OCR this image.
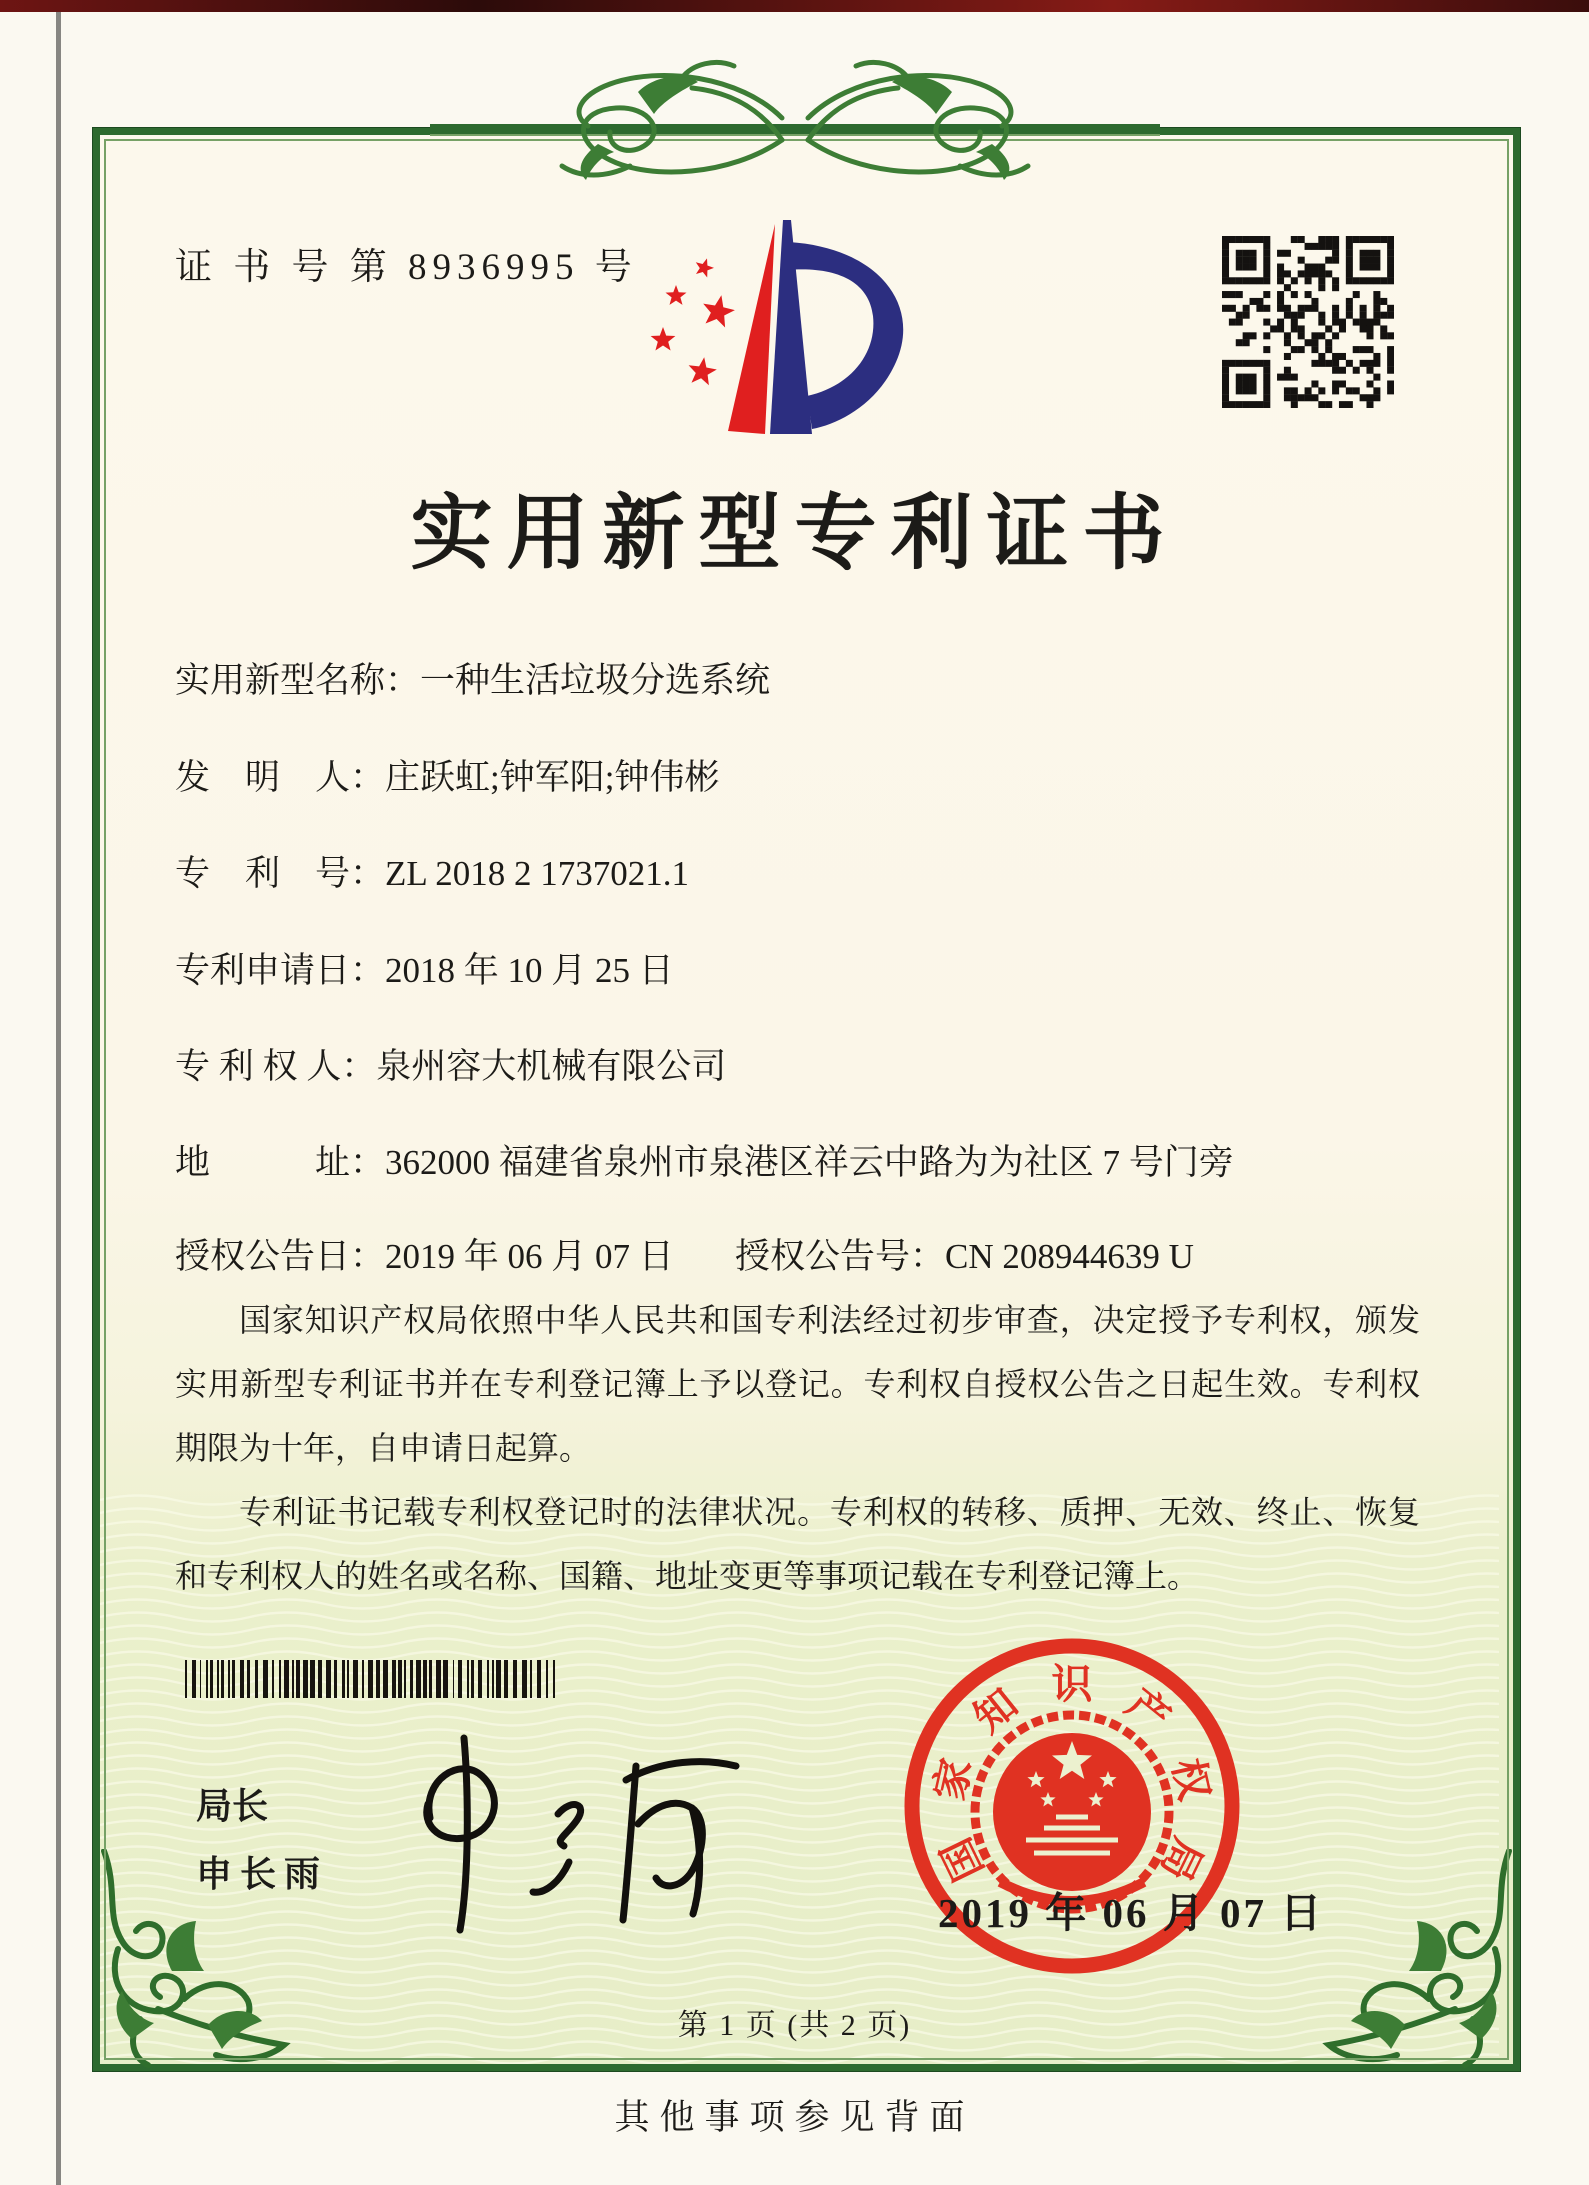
证 书 号 第 8936995 号
实用新型专利证书
实用新型名称：一种生活垃圾分选系统
发　明　人：庄跃虹;钟军阳;钟伟彬
专　利　号：ZL 2018 2 1737021.1
专利申请日：2018 年 10 月 25 日
专 利 权 人：泉州容大机械有限公司
地　　　址：362000 福建省泉州市泉港区祥云中路为为社区 7 号门旁
授权公告日：2019 年 06 月 07 日	授权公告号：CN 208944639 U

国家知识产权局依照中华人民共和国专利法经过初步审查，决定授予专利权，颁发实用新型专利证书并在专利登记簿上予以登记。专利权自授权公告之日起生效。专利权期限为十年，自申请日起算。

专利证书记载专利权登记时的法律状况。专利权的转移、质押、无效、终止、恢复和专利权人的姓名或名称、国籍、地址变更等事项记载在专利登记簿上。

局长
申长雨	国
家
知 识 产
权
局
2019 年 06 月 07 日
第 1 页 (共 2 页)
其他事项参见背面
